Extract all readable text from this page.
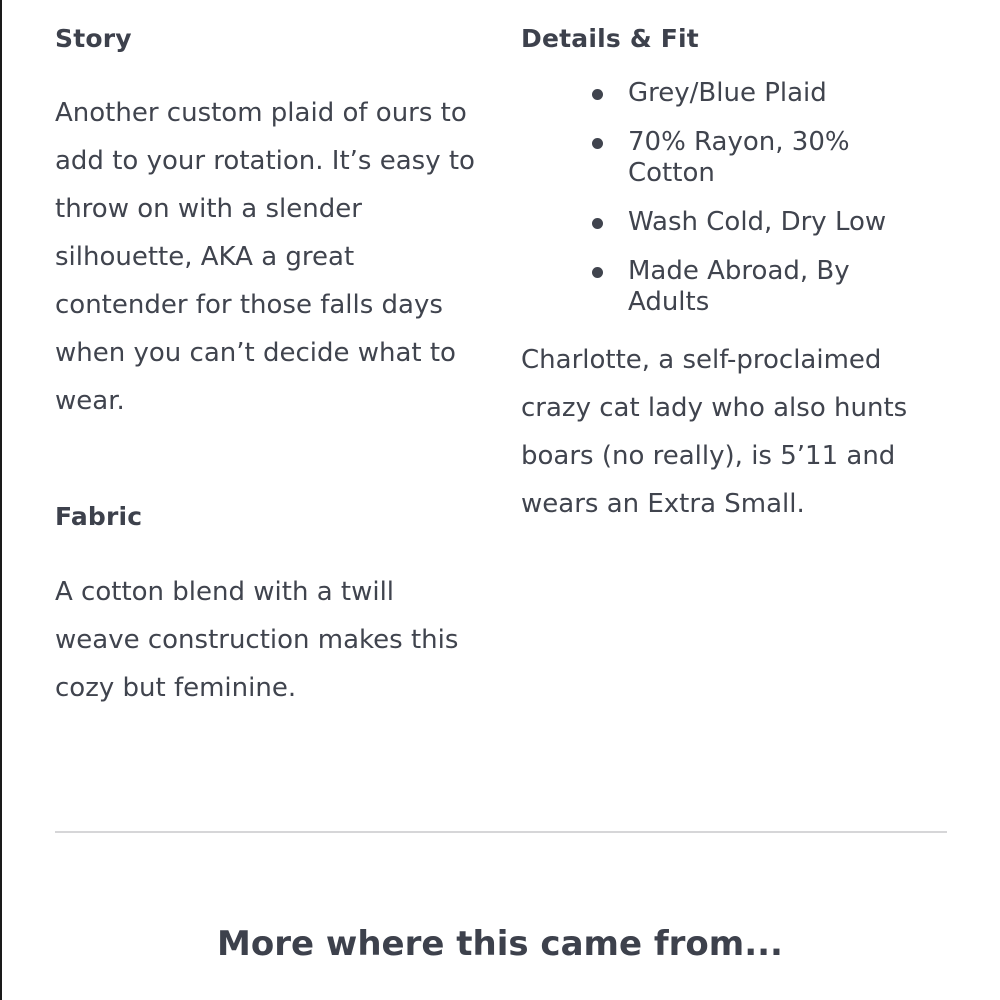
Story

Another custom plaid of ours to add to your rotation. It’s easy to throw on with a slender silhouette, AKA a great contender for those falls days when you can’t decide what to wear.

Fabric

A cotton blend with a twill weave construction makes this cozy but feminine.

Details & Fit
Grey/Blue Plaid
70% Rayon, 30% Cotton
Wash Cold, Dry Low
Made Abroad, By Adults

Charlotte, a self-proclaimed crazy cat lady who also hunts boars (no really), is 5’11 and wears an Extra Small.

More where this came from...
